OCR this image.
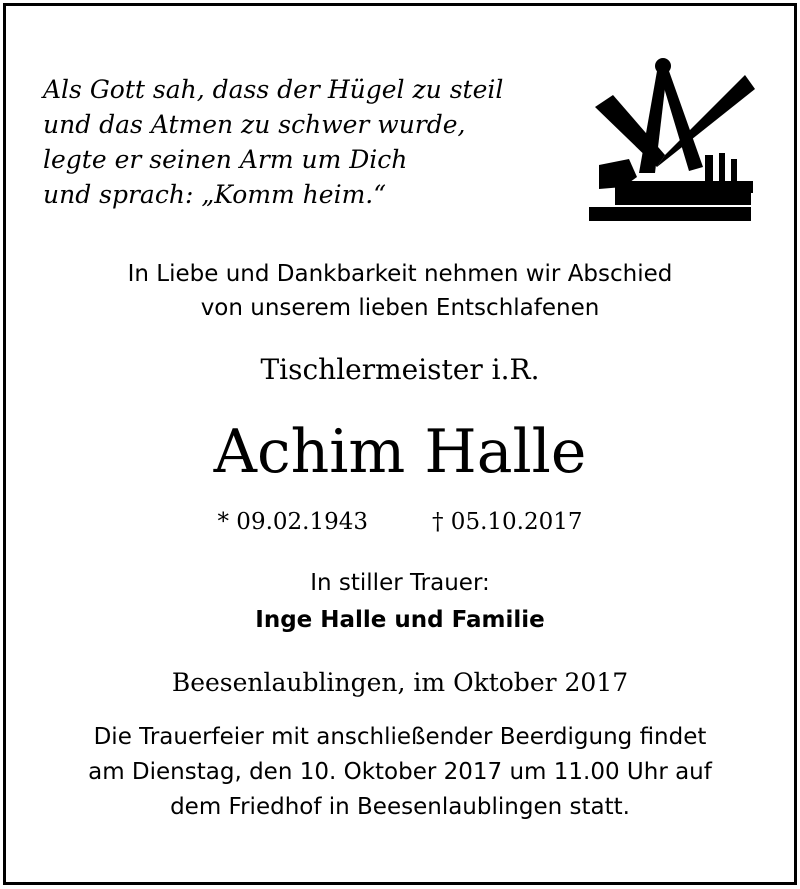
Als Gott sah, dass der Hügel zu steil
und das Atmen zu schwer wurde,
legte er seinen Arm um Dich
und sprach: „Komm heim.“
In Liebe und Dankbarkeit nehmen wir Abschied
von unserem lieben Entschlafenen
Tischlermeister i.R.
Achim Halle
* 09.02.1943	† 05.10.2017
In stiller Trauer:
Inge Halle und Familie
Beesenlaublingen, im Oktober 2017
Die Trauerfeier mit anschließender Beerdigung findet
am Dienstag, den 10. Oktober 2017 um 11.00 Uhr auf
dem Friedhof in Beesenlaublingen statt.
